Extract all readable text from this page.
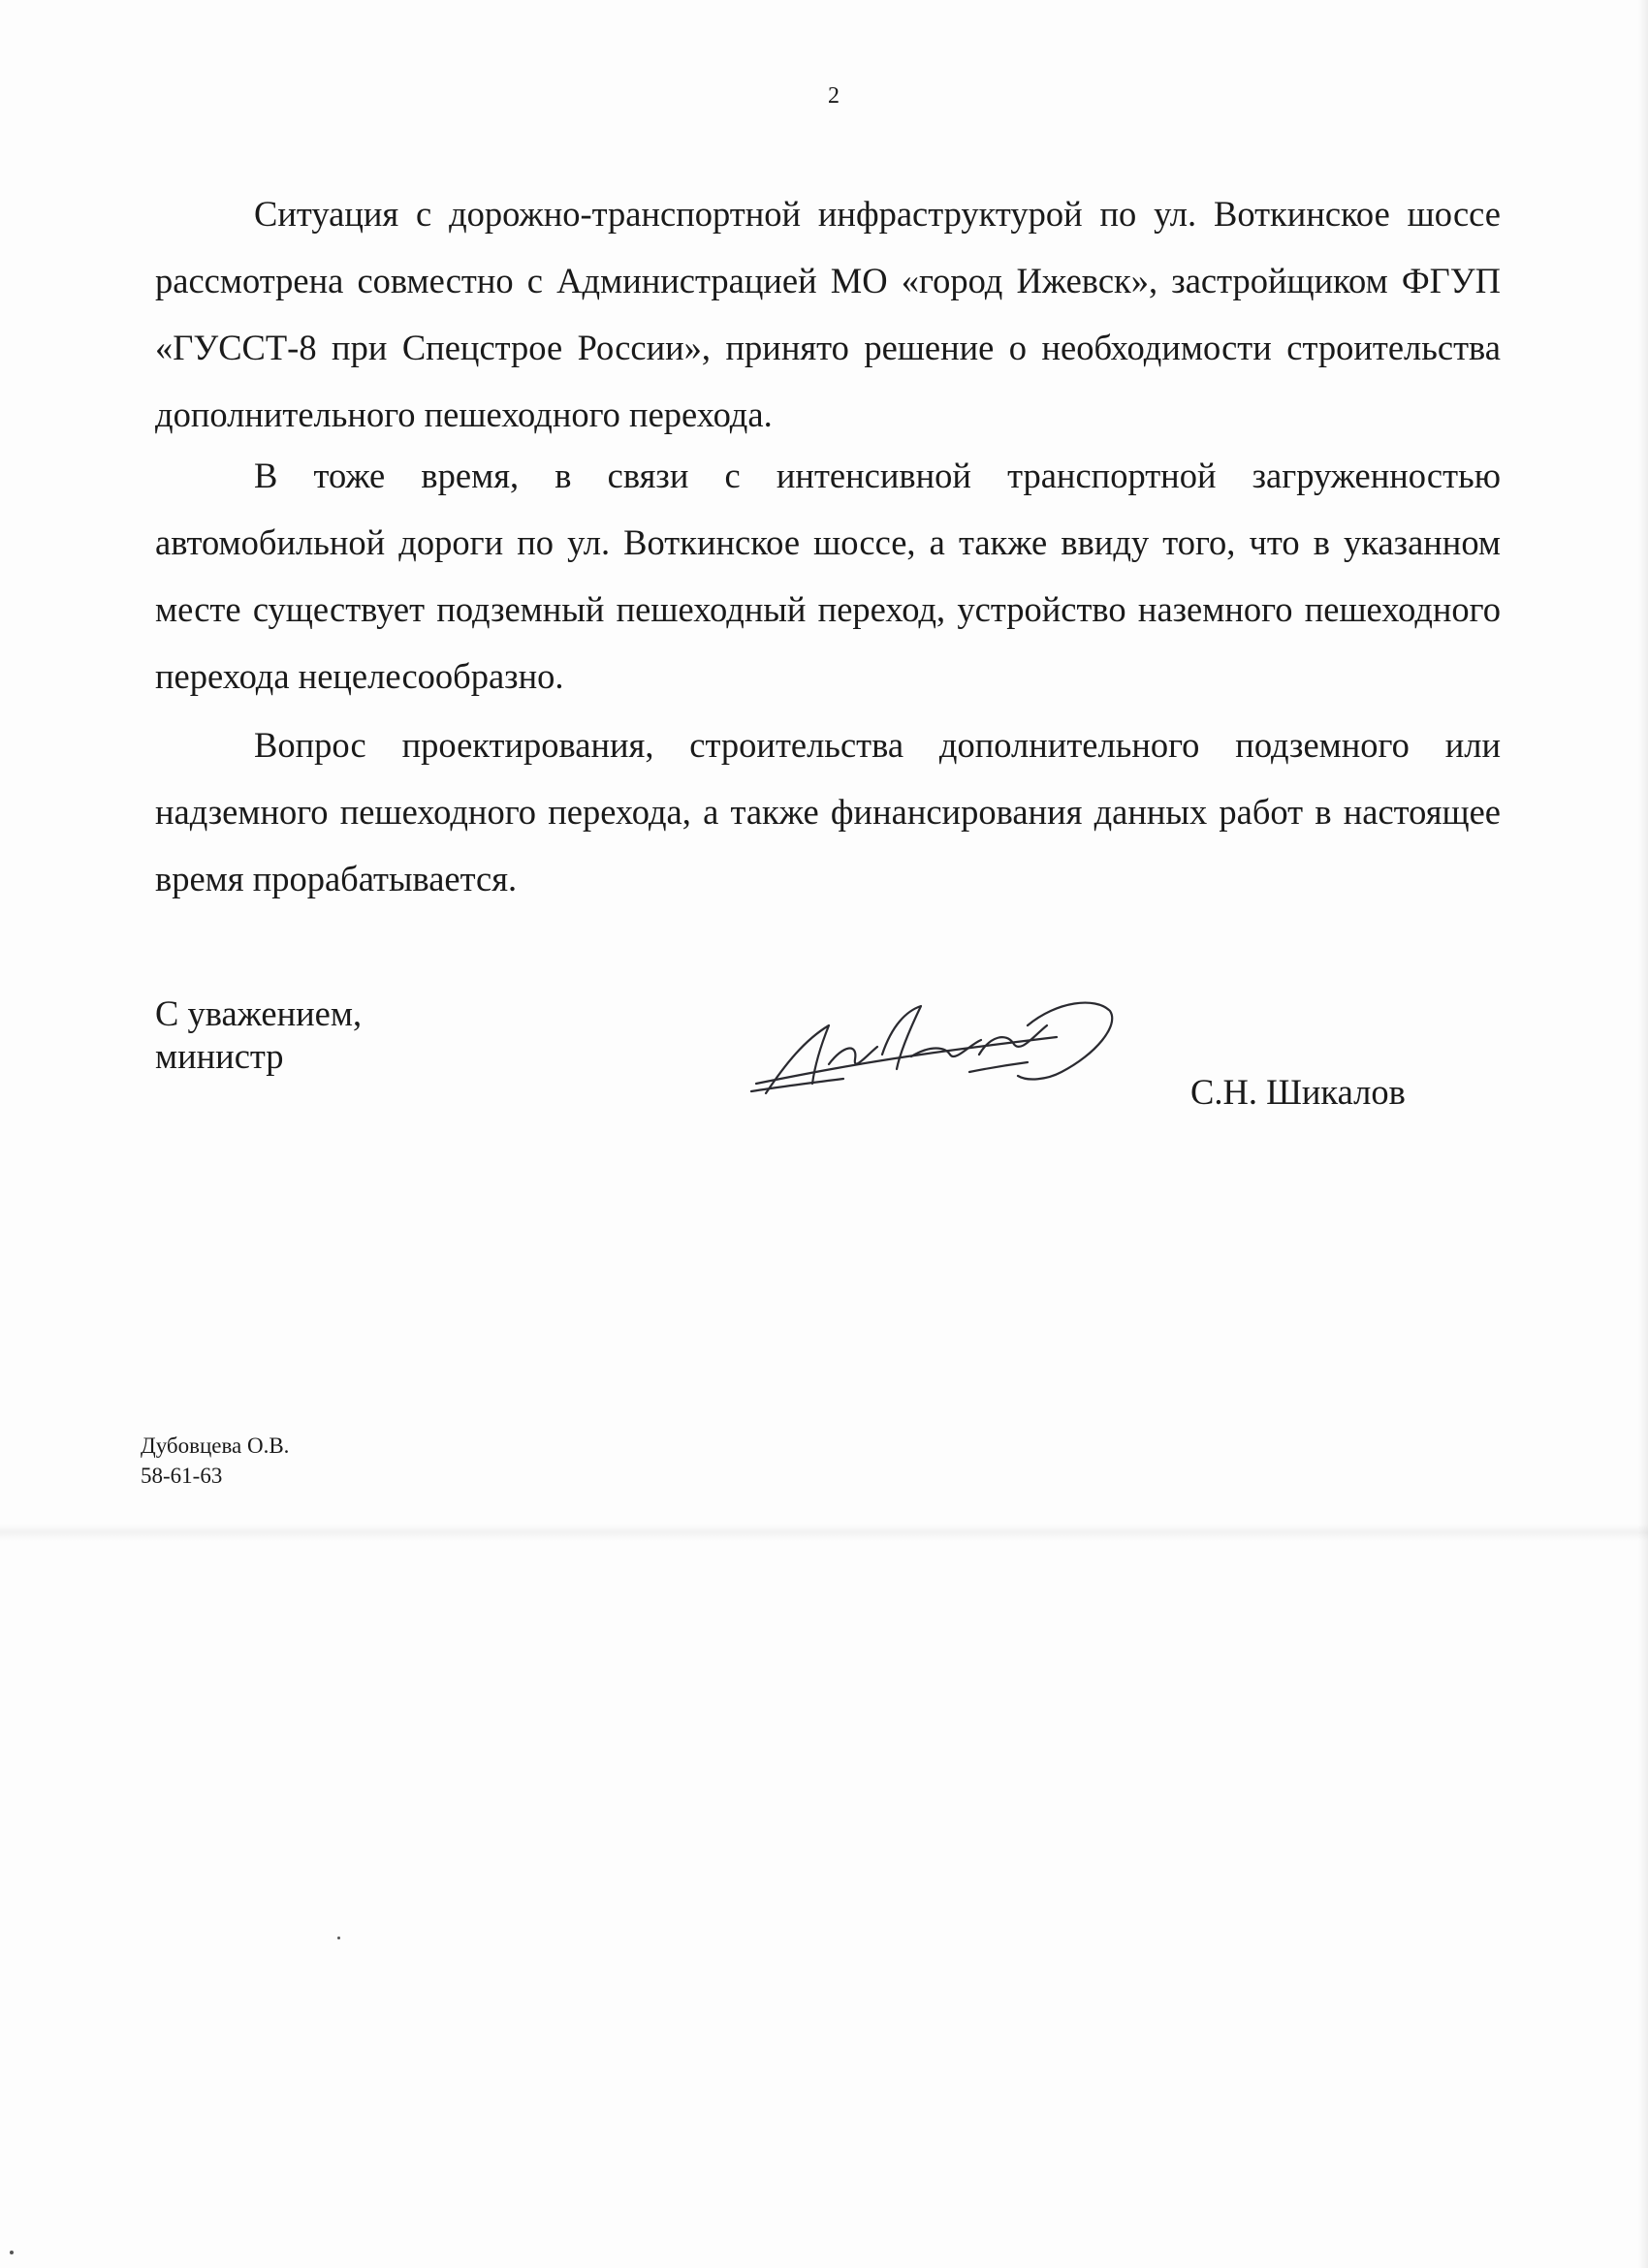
2

Ситуация с дорожно-транспортной инфраструктурой по ул. Воткинское шоссе рассмотрена совместно с Администрацией МО «город Ижевск», застройщиком ФГУП «ГУССТ-8 при Спецстрое России», принято решение о необходимости строительства дополнительного пешеходного перехода.

В тоже время, в связи с интенсивной транспортной загруженностью автомобильной дороги по ул. Воткинское шоссе, а также ввиду того, что в указанном месте существует подземный пешеходный переход, устройство наземного пешеходного перехода нецелесообразно.

Вопрос проектирования, строительства дополнительного подземного или надземного пешеходного перехода, а также финансирования данных работ в настоящее время прорабатывается.

С уважением,
министр
С.Н. Шикалов
Дубовцева О.В.
58-61-63
